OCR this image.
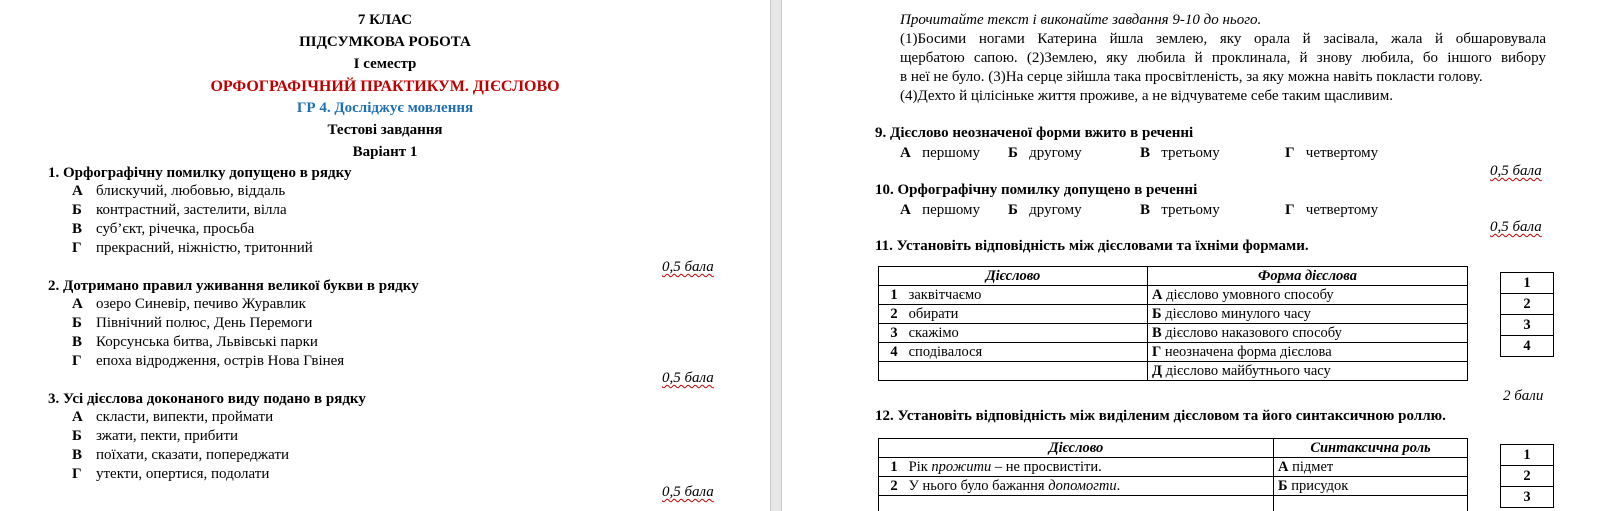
7 КЛАС
ПІДСУМКОВА РОБОТА
І семестр
ОРФОГРАФІЧНИЙ ПРАКТИКУМ. ДІЄСЛОВО
ГР 4. Досліджує мовлення
Тестові завдання
Варіант 1
1. Орфографічну помилку допущено в рядку
А блискучий, любовью, віддаль
Б контрастний, застелити, вілла
В суб’єкт, річечка, просьба
Г прекрасний, ніжністю, тритонний
0,5 бала
2. Дотримано правил уживання великої букви в рядку
А озеро Синевір, печиво Журавлик
Б Північний полюс, День Перемоги
В Корсунська битва, Львівські парки
Г епоха відродження, острів Нова Гвінея
0,5 бала
3. Усі дієслова доконаного виду подано в рядку
А скласти, випекти, проймати
Б зжати, пекти, прибити
В поїхати, сказати, попереджати
Г утекти, опертися, подолати
0,5 бала
Прочитайте текст і виконайте завдання 9-10 до нього.
(1)Босими ногами Катерина йшла землею, яку орала й засівала, жала й обшаровувала
щербатою сапою. (2)Землею, яку любила й проклинала, й знову любила, бо іншого вибору
в неї не було. (3)На серце зійшла така просвітленість, за яку можна навіть покласти голову.
(4)Дехто й цілісіньке життя проживе, а не відчуватеме себе таким щасливим.
9. Дієслово неозначеної форми вжито в реченні
А першому Б другому	В третьому	Г четвертому
0,5 бала
10. Орфографічну помилку допущено в реченні
А першому Б другому	В третьому	Г четвертому
0,5 бала
11. Установіть відповідність між дієсловами та їхніми формами.
Дієслово	Форма дієслова
1 заквітчаємо	А дієслово умовного способу
2 обирати	Б дієслово минулого часу
3 скажімо	В дієслово наказового способу
4 сподівалося	Г неозначена форма дієслова
	Д дієслово майбутнього часу
1
2
3
4
2 бали
12. Установіть відповідність між виділеним дієсловом та його синтаксичною роллю.
Дієслово	Синтаксична роль
1 Рік прожити – не просвистіти.	А підмет
2 У нього було бажання допомогти.	Б присудок

1
2
3
